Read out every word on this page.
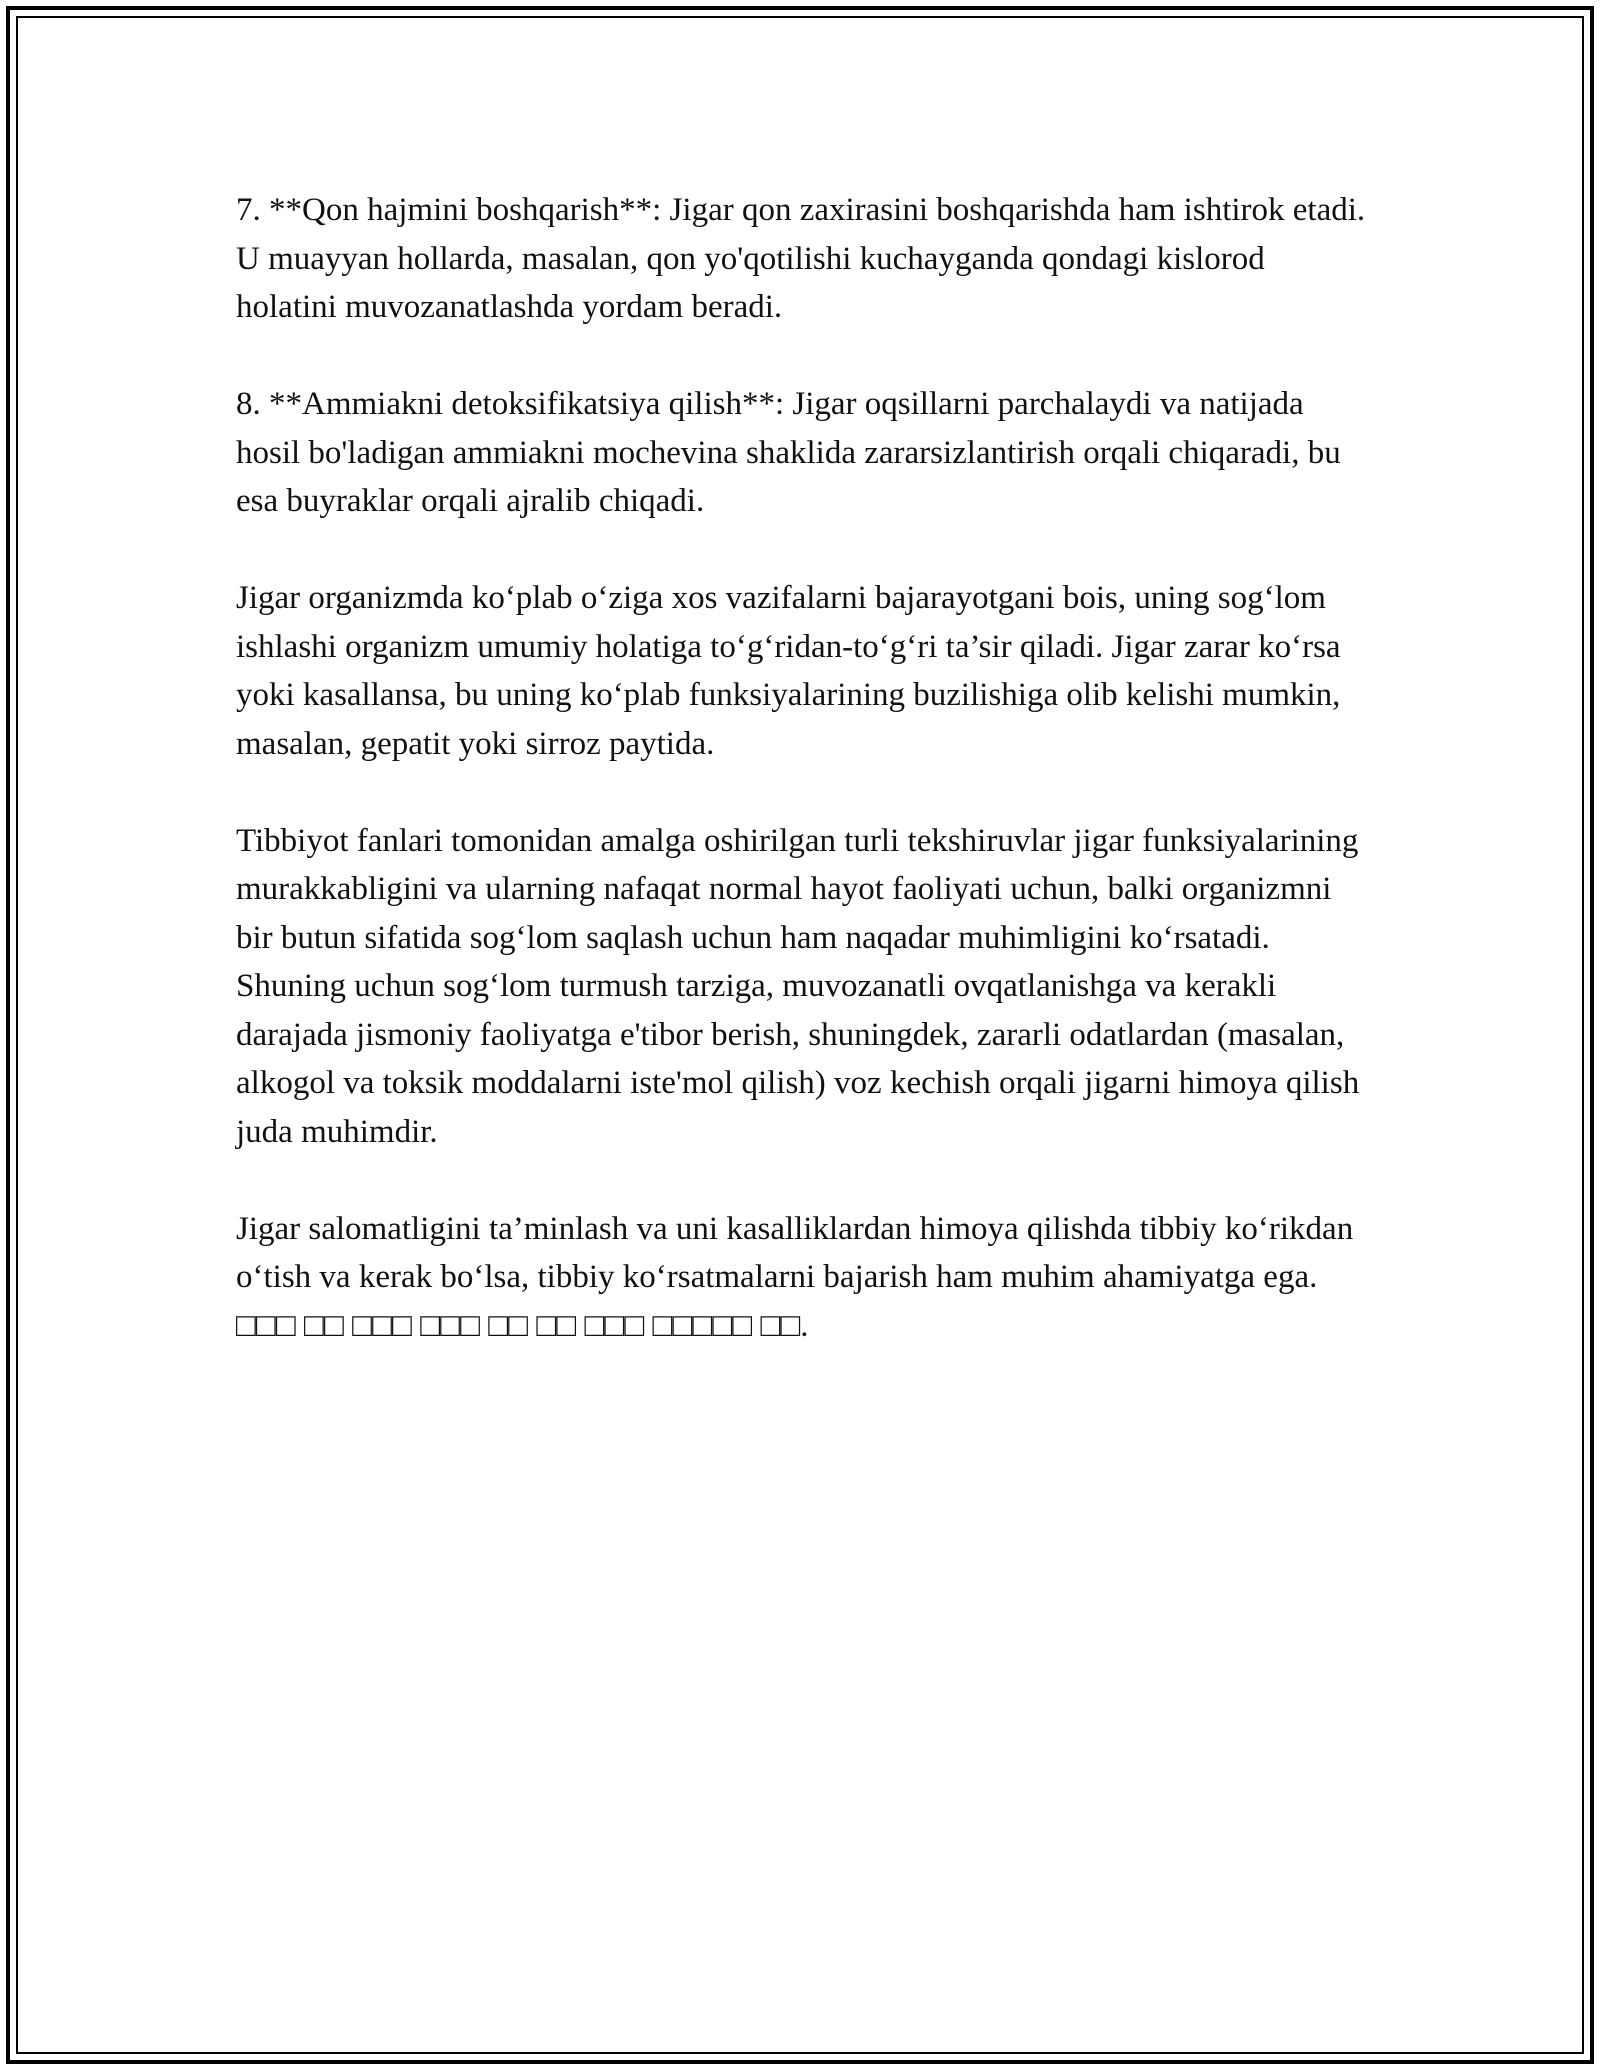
7. **Qon hajmini boshqarish**: Jigar qon zaxirasini boshqarishda ham ishtirok etadi. U muayyan hollarda, masalan, qon yo'qotilishi kuchayganda qondagi kislorod holatini muvozanatlashda yordam beradi.

8. **Ammiakni detoksifikatsiya qilish**: Jigar oqsillarni parchalaydi va natijada hosil bo'ladigan ammiakni mochevina shaklida zararsizlantirish orqali chiqaradi, bu esa buyraklar orqali ajralib chiqadi.

Jigar organizmda ko‘plab o‘ziga xos vazifalarni bajarayotgani bois, uning sog‘lom ishlashi organizm umumiy holatiga to‘g‘ridan-to‘g‘ri ta’sir qiladi. Jigar zarar ko‘rsa yoki kasallansa, bu uning ko‘plab funksiyalarining buzilishiga olib kelishi mumkin, masalan, gepatit yoki sirroz paytida.

Tibbiyot fanlari tomonidan amalga oshirilgan turli tekshiruvlar jigar funksiyalarining murakkabligini va ularning nafaqat normal hayot faoliyati uchun, balki organizmni bir butun sifatida sog‘lom saqlash uchun ham naqadar muhimligini ko‘rsatadi. Shuning uchun sog‘lom turmush tarziga, muvozanatli ovqatlanishga va kerakli darajada jismoniy faoliyatga e'tibor berish, shuningdek, zararli odatlardan (masalan, alkogol va toksik moddalarni iste'mol qilish) voz kechish orqali jigarni himoya qilish juda muhimdir.

Jigar salomatligini ta’minlash va uni kasalliklardan himoya qilishda tibbiy ko‘rikdan o‘tish va kerak bo‘lsa, tibbiy ko‘rsatmalarni bajarish ham muhim ahamiyatga ega. □□□ □□ □□□ □□□ □□ □□ □□□ □□□□□ □□.
